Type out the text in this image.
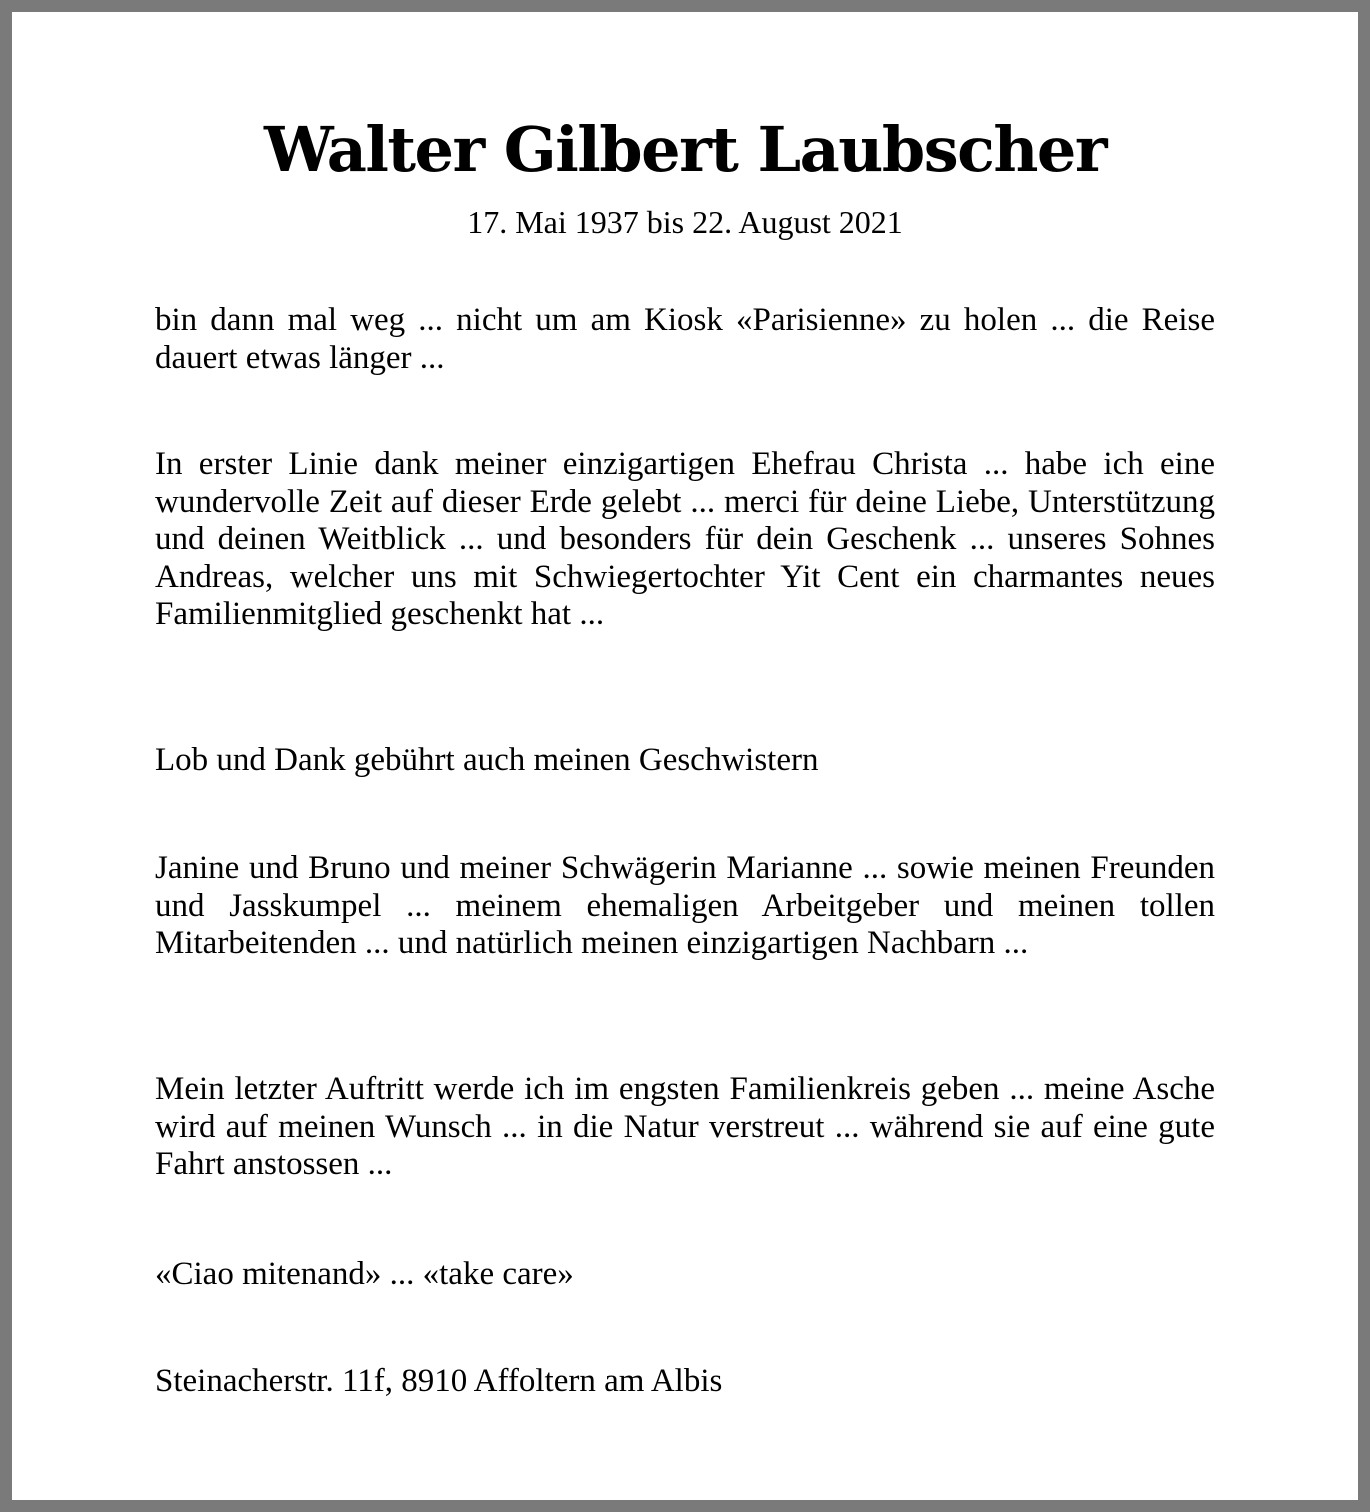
Walter Gilbert Laubscher

17. Mai 1937 bis 22. August 2021

bin dann mal weg ... nicht um am Kiosk «Parisienne» zu holen ... die Reise dauert etwas länger ...

In erster Linie dank meiner einzigartigen Ehefrau Christa ... habe ich eine wundervolle Zeit auf dieser Erde gelebt ... merci für deine Liebe, Unterstützung und deinen Weitblick ... und besonders für dein Geschenk ... unseres Sohnes Andreas, welcher uns mit Schwiegertochter Yit Cent ein charmantes neues Familienmitglied geschenkt hat ...

Lob und Dank gebührt auch meinen Geschwistern

Janine und Bruno und meiner Schwägerin Marianne ... sowie meinen Freunden und Jasskumpel ... meinem ehemaligen Arbeitgeber und meinen tollen Mitarbeitenden ... und natürlich meinen einzigartigen Nachbarn ...

Mein letzter Auftritt werde ich im engsten Familienkreis geben ... meine Asche wird auf meinen Wunsch ... in die Natur verstreut ... während sie auf eine gute Fahrt anstossen ...

«Ciao mitenand» ... «take care»

Steinacherstr. 11f, 8910 Affoltern am Albis
